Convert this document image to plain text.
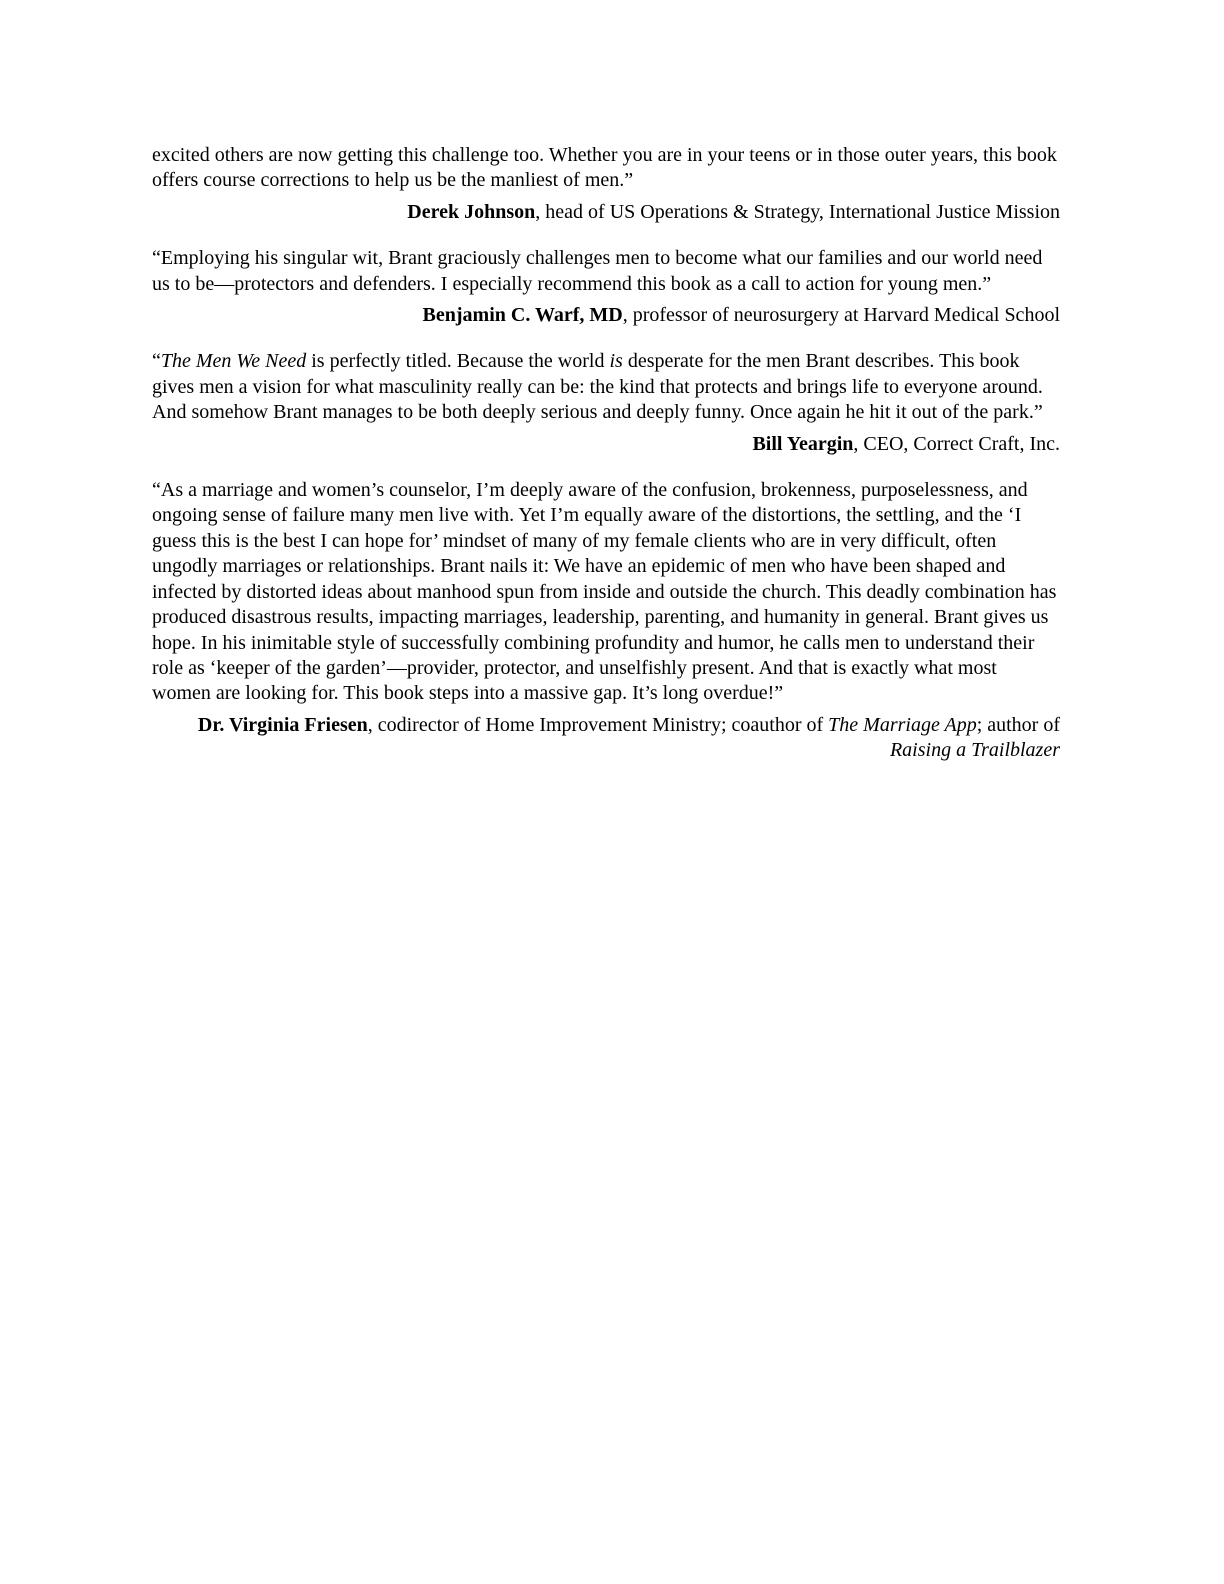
excited others are now getting this challenge too. Whether you are in your teens or in those outer years, this book offers course corrections to help us be the manliest of men.”

Derek Johnson, head of US Operations & Strategy, International Justice Mission

“Employing his singular wit, Brant graciously challenges men to become what our families and our world need us to be—protectors and defenders. I especially recommend this book as a call to action for young men.”

Benjamin C. Warf, MD, professor of neurosurgery at Harvard Medical School

“The Men We Need is perfectly titled. Because the world is desperate for the men Brant describes. This book gives men a vision for what masculinity really can be: the kind that protects and brings life to everyone around. And somehow Brant manages to be both deeply serious and deeply funny. Once again he hit it out of the park.”

Bill Yeargin, CEO, Correct Craft, Inc.

“As a marriage and women’s counselor, I’m deeply aware of the confusion, brokenness, purposelessness, and ongoing sense of failure many men live with. Yet I’m equally aware of the distortions, the settling, and the ‘I guess this is the best I can hope for’ mindset of many of my female clients who are in very difficult, often ungodly marriages or relationships. Brant nails it: We have an epidemic of men who have been shaped and infected by distorted ideas about manhood spun from inside and outside the church. This deadly combination has produced disastrous results, impacting marriages, leadership, parenting, and humanity in general. Brant gives us hope. In his inimitable style of successfully combining profundity and humor, he calls men to understand their role as ‘keeper of the garden’—provider, protector, and unselfishly present. And that is exactly what most women are looking for. This book steps into a massive gap. It’s long overdue!”

Dr. Virginia Friesen, codirector of Home Improvement Ministry; coauthor of The Marriage App; author of Raising a Trailblazer
